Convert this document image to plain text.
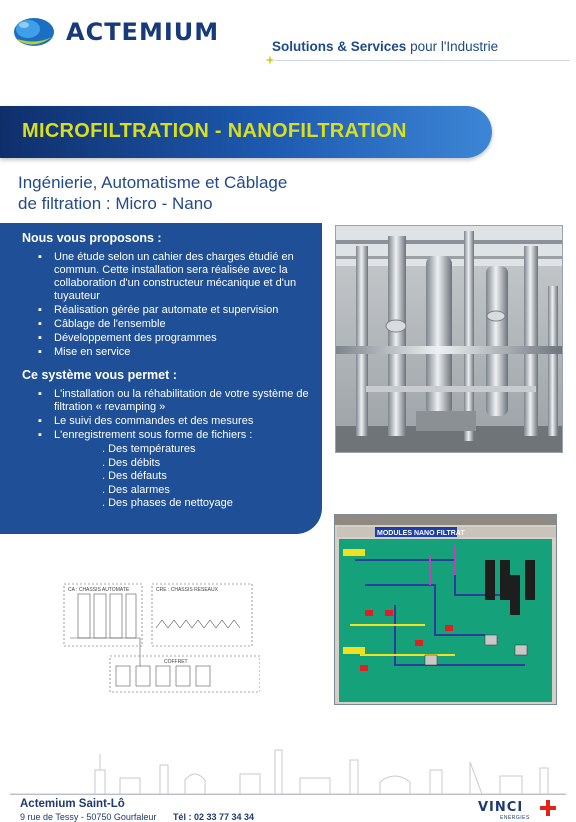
ACTEMIUM
Solutions & Services pour l'Industrie
MICROFILTRATION - NANOFILTRATION
Ingénierie, Automatisme et Câblage
de filtration : Micro - Nano
Nous vous proposons :
▪ Une étude selon un cahier des charges étudié en commun. Cette installation sera réalisée avec la collaboration d'un constructeur mécanique et d'un tuyauteur
▪ Réalisation gérée par automate et supervision
▪ Câblage de l'ensemble
▪ Développement des programmes
▪ Mise en service
Ce système vous permet :
▪ L'installation ou la réhabilitation de votre système de filtration « revamping »
▪ Le suivi des commandes et des mesures
▪ L'enregistrement sous forme de fichiers :
. Des températures
. Des débits
. Des défauts
. Des alarmes
. Des phases de nettoyage
MODULES NANO FILTRAT
CA : CHASSIS AUTOMATE	CRE : CHASSIS RESEAUX
COFFRET
Actemium Saint-Lô
9 rue de Tessy - 50750 Gourfaleur Tél : 02 33 77 34 34
VINCI
ENERGIES
